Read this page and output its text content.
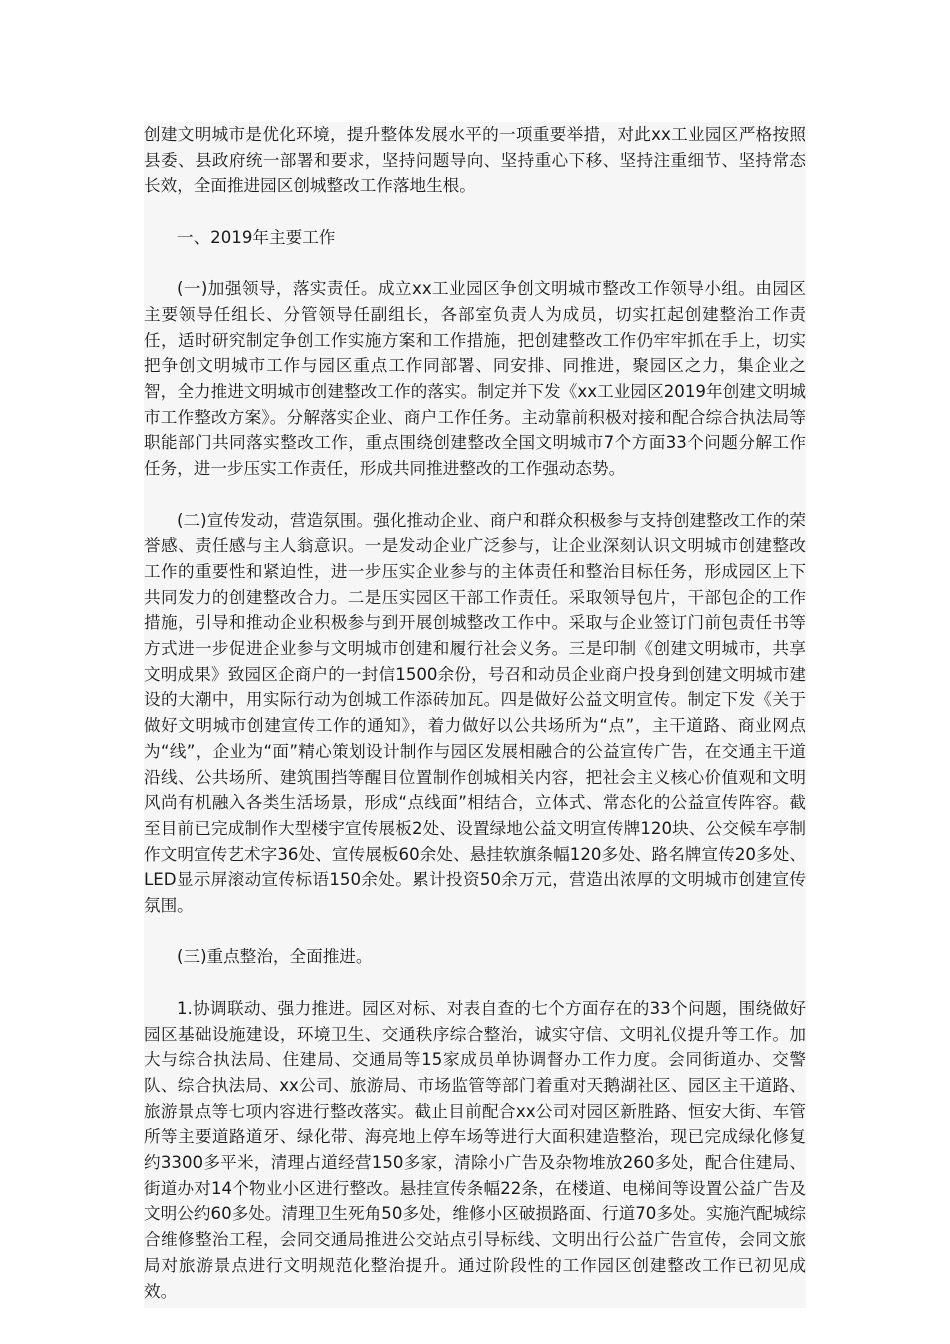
创建文明城市是优化环境，提升整体发展水平的一项重要举措，对此xx工业园区严格按照县委、县政府统一部署和要求，坚持问题导向、坚持重心下移、坚持注重细节、坚持常态长效，全面推进园区创城整改工作落地生根。

一、2019年主要工作

(一)加强领导，落实责任。成立xx工业园区争创文明城市整改工作领导小组。由园区主要领导任组长、分管领导任副组长，各部室负责人为成员，切实扛起创建整治工作责任，适时研究制定争创工作实施方案和工作措施，把创建整改工作仍牢牢抓在手上，切实把争创文明城市工作与园区重点工作同部署、同安排、同推进，聚园区之力，集企业之智，全力推进文明城市创建整改工作的落实。制定并下发《xx工业园区2019年创建文明城市工作整改方案》。分解落实企业、商户工作任务。主动靠前积极对接和配合综合执法局等职能部门共同落实整改工作，重点围绕创建整改全国文明城市7个方面33个问题分解工作任务，进一步压实工作责任，形成共同推进整改的工作强动态势。

(二)宣传发动，营造氛围。强化推动企业、商户和群众积极参与支持创建整改工作的荣誉感、责任感与主人翁意识。一是发动企业广泛参与，让企业深刻认识文明城市创建整改工作的重要性和紧迫性，进一步压实企业参与的主体责任和整治目标任务，形成园区上下共同发力的创建整改合力。二是压实园区干部工作责任。采取领导包片，干部包企的工作措施，引导和推动企业积极参与到开展创城整改工作中。采取与企业签订门前包责任书等方式进一步促进企业参与文明城市创建和履行社会义务。三是印制《创建文明城市，共享文明成果》致园区企商户的一封信1500余份，号召和动员企业商户投身到创建文明城市建设的大潮中，用实际行动为创城工作添砖加瓦。四是做好公益文明宣传。制定下发《关于做好文明城市创建宣传工作的通知》，着力做好以公共场所为“点”，主干道路、商业网点为“线”，企业为“面”精心策划设计制作与园区发展相融合的公益宣传广告，在交通主干道沿线、公共场所、建筑围挡等醒目位置制作创城相关内容，把社会主义核心价值观和文明风尚有机融入各类生活场景，形成“点线面”相结合，立体式、常态化的公益宣传阵容。截至目前已完成制作大型楼宇宣传展板2处、设置绿地公益文明宣传牌120块、公交候车亭制作文明宣传艺术字36处、宣传展板60余处、悬挂软旗条幅120多处、路名牌宣传20多处、LED显示屏滚动宣传标语150余处。累计投资50余万元，营造出浓厚的文明城市创建宣传氛围。

(三)重点整治，全面推进。

1.协调联动、强力推进。园区对标、对表自查的七个方面存在的33个问题，围绕做好园区基础设施建设，环境卫生、交通秩序综合整治，诚实守信、文明礼仪提升等工作。加大与综合执法局、住建局、交通局等15家成员单协调督办工作力度。会同街道办、交警队、综合执法局、xx公司、旅游局、市场监管等部门着重对天鹅湖社区、园区主干道路、旅游景点等七项内容进行整改落实。截止目前配合xx公司对园区新胜路、恒安大街、车管所等主要道路道牙、绿化带、海亮地上停车场等进行大面积建造整治，现已完成绿化修复约3300多平米，清理占道经营150多家，清除小广告及杂物堆放260多处，配合住建局、街道办对14个物业小区进行整改。悬挂宣传条幅22条，在楼道、电梯间等设置公益广告及文明公约60多处。清理卫生死角50多处，维修小区破损路面、行道70多处。实施汽配城综合维修整治工程，会同交通局推进公交站点引导标线、文明出行公益广告宣传，会同文旅局对旅游景点进行文明规范化整治提升。通过阶段性的工作园区创建整改工作已初见成效。
